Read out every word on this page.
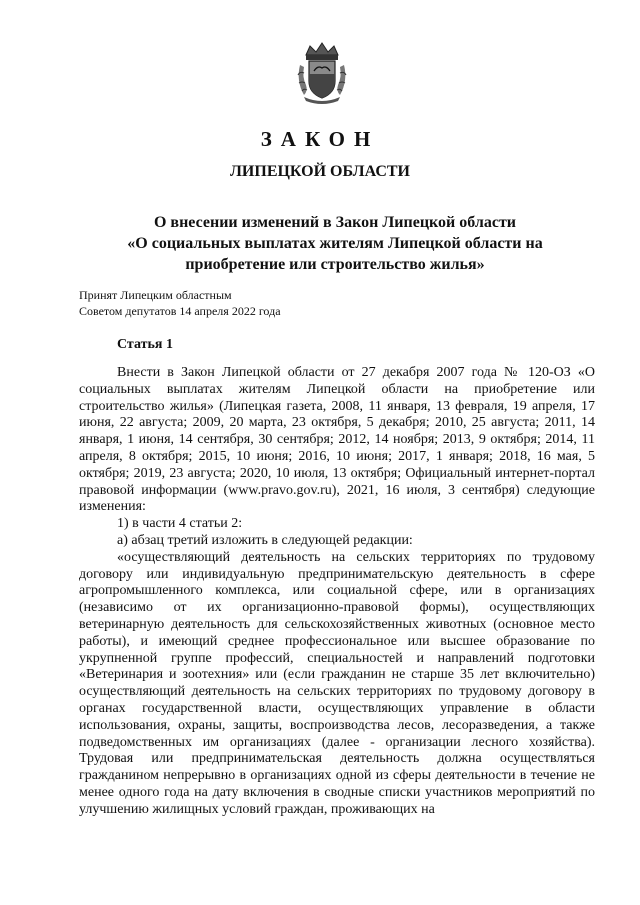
ЗАКОН
ЛИПЕЦКОЙ ОБЛАСТИ
О внесении изменений в Закон Липецкой области
«О социальных выплатах жителям Липецкой области на
приобретение или строительство жилья»
Принят Липецким областным
Советом депутатов 14 апреля 2022 года
Статья 1

Внести в Закон Липецкой области от 27 декабря 2007 года № 120-ОЗ «О социальных выплатах жителям Липецкой области на приобретение или строительство жилья» (Липецкая газета, 2008, 11 января, 13 февраля, 19 апреля, 17 июня, 22 августа; 2009, 20 марта, 23 октября, 5 декабря; 2010, 25 августа; 2011, 14 января, 1 июня, 14 сентября, 30 сентября; 2012, 14 ноября; 2013, 9 октября; 2014, 11 апреля, 8 октября; 2015, 10 июня; 2016, 10 июня; 2017, 1 января; 2018, 16 мая, 5 октября; 2019, 23 августа; 2020, 10 июля, 13 октября; Официальный интернет-портал правовой информации (www.pravo.gov.ru), 2021, 16 июля, 3 сентября) следующие изменения:

1) в части 4 статьи 2:

а) абзац третий изложить в следующей редакции:

«осуществляющий деятельность на сельских территориях по трудовому договору или индивидуальную предпринимательскую деятельность в сфере агропромышленного комплекса, или социальной сфере, или в организациях (независимо от их организационно-правовой формы), осуществляющих ветеринарную деятельность для сельскохозяйственных животных (основное место работы), и имеющий среднее профессиональное или высшее образование по укрупненной группе профессий, специальностей и направлений подготовки «Ветеринария и зоотехния» или (если гражданин не старше 35 лет включительно) осуществляющий деятельность на сельских территориях по трудовому договору в органах государственной власти, осуществляющих управление в области использования, охраны, защиты, воспроизводства лесов, лесоразведения, а также подведомственных им организациях (далее - организации лесного хозяйства). Трудовая или предпринимательская деятельность должна осуществляться гражданином непрерывно в организациях одной из сферы деятельности в течение не менее одного года на дату включения в сводные списки участников мероприятий по улучшению жилищных условий граждан, проживающих на
